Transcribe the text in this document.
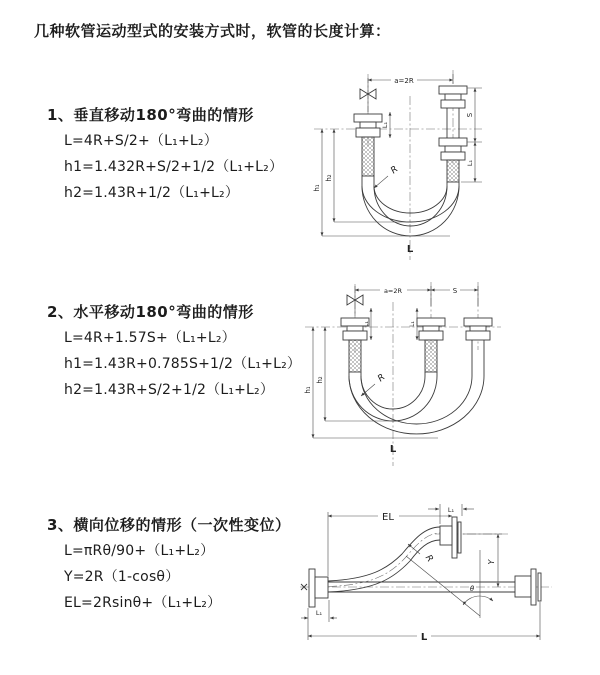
几种软管运动型式的安装方式时，软管的长度计算：
1、垂直移动180°弯曲的情形
L=4R+S/2+（L₁+L₂）
h1=1.432R+S/2+1/2（L₁+L₂）
h2=1.43R+1/2（L₁+L₂）
2、水平移动180°弯曲的情形
L=4R+1.57S+（L₁+L₂）
h1=1.43R+0.785S+1/2（L₁+L₂）
h2=1.43R+S/2+1/2（L₁+L₂）
3、横向位移的情形（一次性变位）
L=πRθ/90+（L₁+L₂）
Y=2R（1-cosθ）
EL=2Rsinθ+（L₁+L₂）
a=2R
h₁
h₂
S
L₁
L₁
R
L
a=2R	S
h₁
h₂
L₁	L₁
R
L
θ
R
EL
L₁
Y
L
L₁
